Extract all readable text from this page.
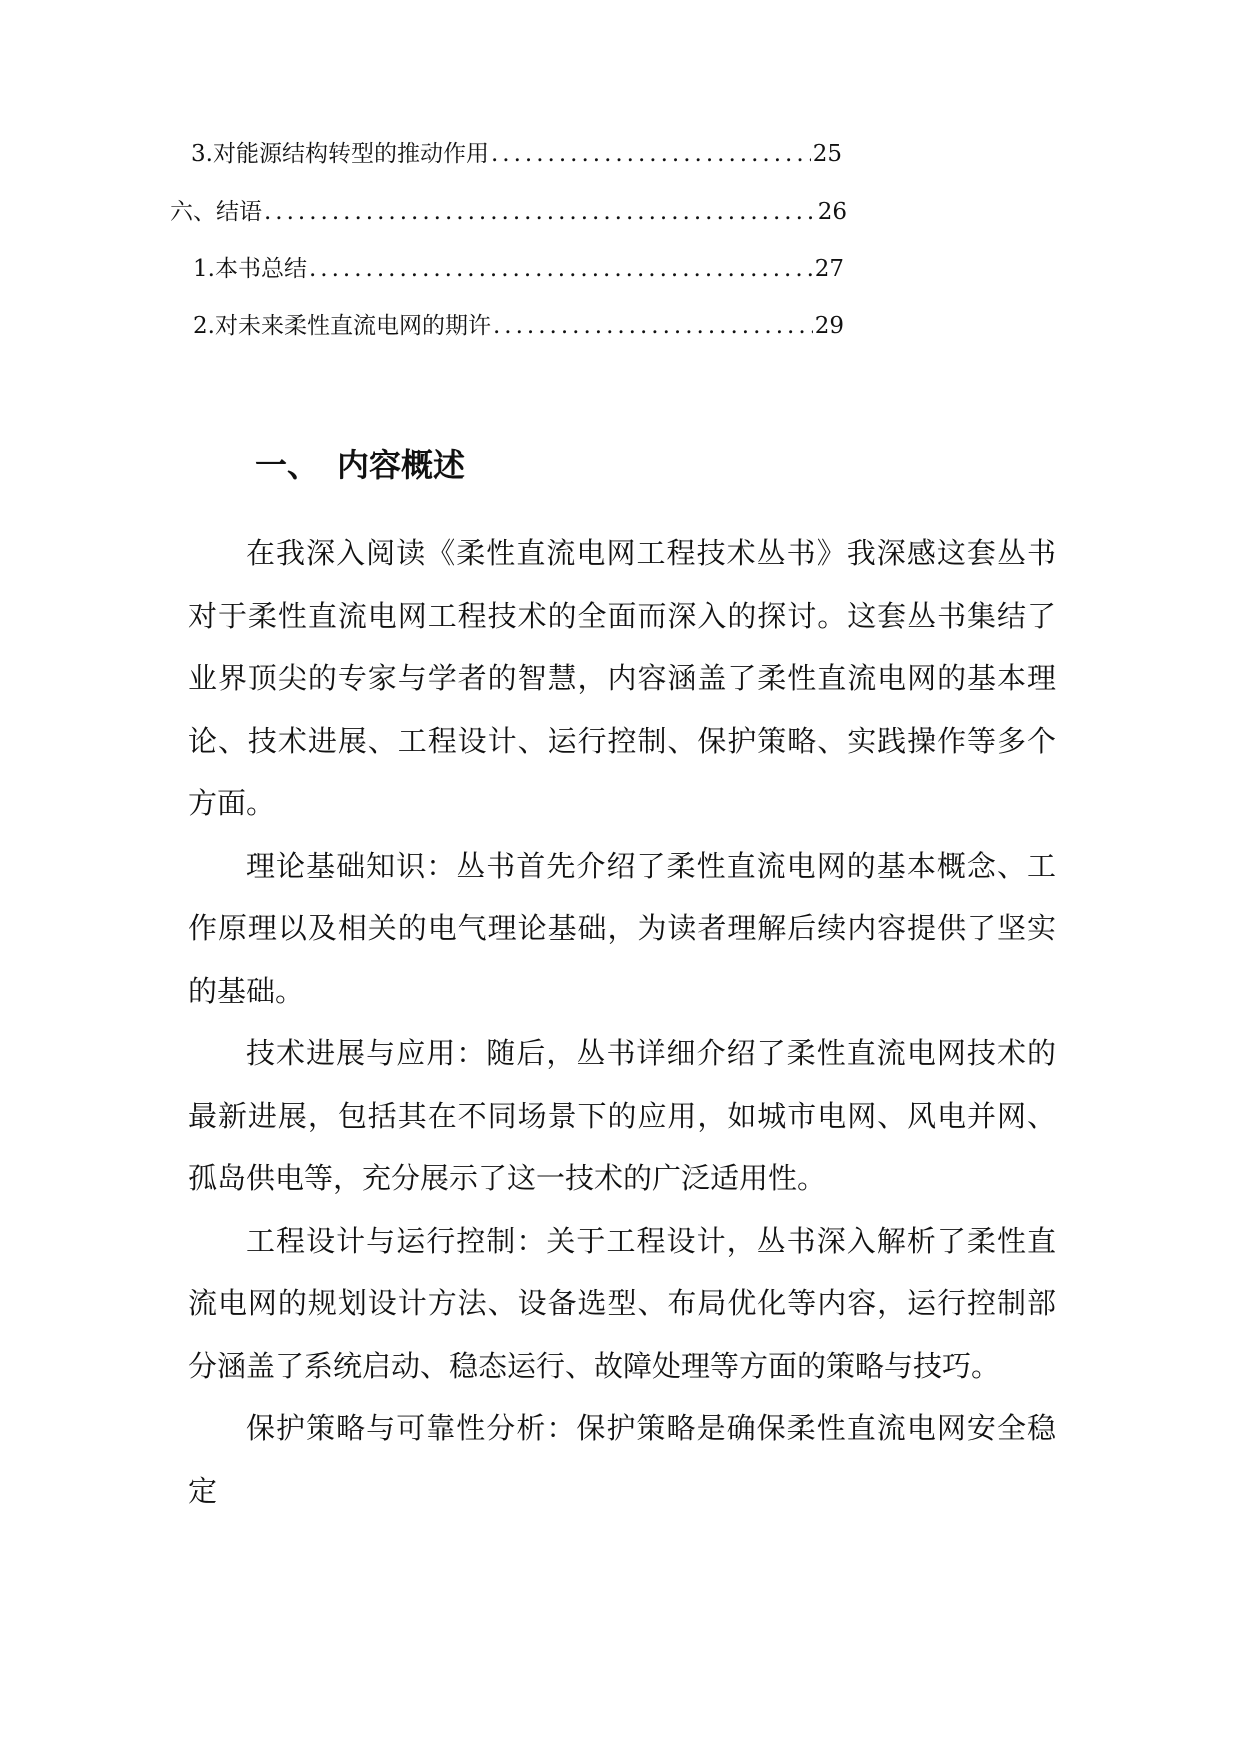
3. 对能源结构转型的推动作用 .....	25
六、 结语 .....	26
1. 本书总结 .....	27
2. 对未来柔性直流电网的期许 .....	29
一、 内容概述

在我深入阅读《柔性直流电网工程技术丛书》我深感这套丛书对于柔性直流电网工程技术的全面而深入的探讨。这套丛书集结了业界顶尖的专家与学者的智慧，内容涵盖了柔性直流电网的基本理论、技术进展、工程设计、运行控制、保护策略、实践操作等多个方面。

理论基础知识：丛书首先介绍了柔性直流电网的基本概念、工作原理以及相关的电气理论基础，为读者理解后续内容提供了坚实的基础。

技术进展与应用：随后，丛书详细介绍了柔性直流电网技术的最新进展，包括其在不同场景下的应用，如城市电网、风电并网、孤岛供电等，充分展示了这一技术的广泛适用性。

工程设计与运行控制：关于工程设计，丛书深入解析了柔性直流电网的规划设计方法、设备选型、布局优化等内容，运行控制部分涵盖了系统启动、稳态运行、故障处理等方面的策略与技巧。

保护策略与可靠性分析：保护策略是确保柔性直流电网安全稳定
